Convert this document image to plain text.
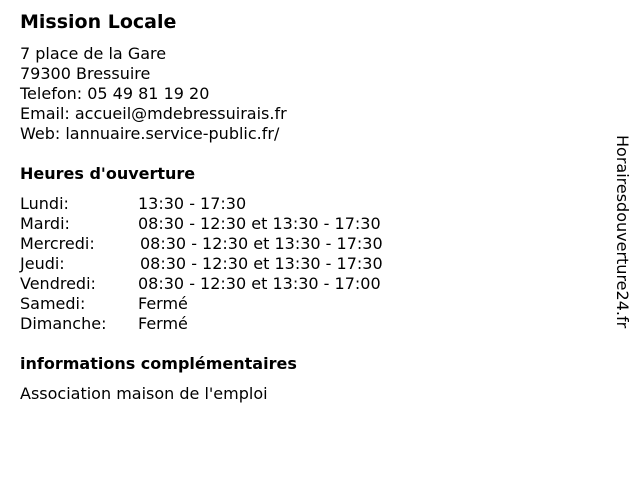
Mission Locale
7 place de la Gare
79300 Bressuire
Telefon: 05 49 81 19 20
Email: accueil@mdebressuirais.fr
Web: lannuaire.service-public.fr/
Heures d'ouverture
Lundi:	13:30 - 17:30
Mardi:	08:30 - 12:30 et 13:30 - 17:30
Mercredi:	08:30 - 12:30 et 13:30 - 17:30
Jeudi:	08:30 - 12:30 et 13:30 - 17:30
Vendredi:	08:30 - 12:30 et 13:30 - 17:00
Samedi:	Fermé
Dimanche: Fermé
informations complémentaires
Association maison de l'emploi
Horairesdouverture24.fr
